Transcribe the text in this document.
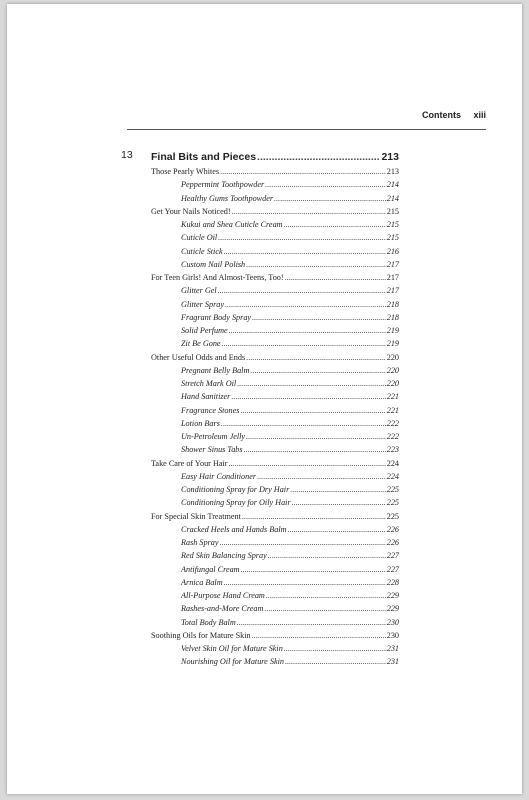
Contents xiii
13 Final Bits and Pieces .....	213
Those Pearly Whites .....	213
Peppermint Toothpowder .....	214
Healthy Gums Toothpowder .....	214
Get Your Nails Noticed! .....	215
Kukui and Shea Cuticle Cream .....	215
Cuticle Oil .....	215
Cuticle Stick .....	216
Custom Nail Polish .....	217
For Teen Girls! And Almost-Teens, Too! .....	217
Glitter Gel .....	217
Glitter Spray .....	218
Fragrant Body Spray .....	218
Solid Perfume .....	219
Zit Be Gone .....	219
Other Useful Odds and Ends .....	220
Pregnant Belly Balm .....	220
Stretch Mark Oil .....	220
Hand Sanitizer .....	221
Fragrance Stones .....	221
Lotion Bars .....	222
Un-Petroleum Jelly .....	222
Shower Sinus Tabs .....	223
Take Care of Your Hair .....	224
Easy Hair Conditioner .....	224
Conditioning Spray for Dry Hair .....	225
Conditioning Spray for Oily Hair .....	225
For Special Skin Treatment .....	225
Cracked Heels and Hands Balm .....	226
Rash Spray .....	226
Red Skin Balancing Spray .....	227
Antifungal Cream .....	227
Arnica Balm .....	228
All-Purpose Hand Cream .....	229
Rashes-and-More Cream .....	229
Total Body Balm .....	230
Soothing Oils for Mature Skin .....	230
Velvet Skin Oil for Mature Skin .....	231
Nourishing Oil for Mature Skin .....	231
